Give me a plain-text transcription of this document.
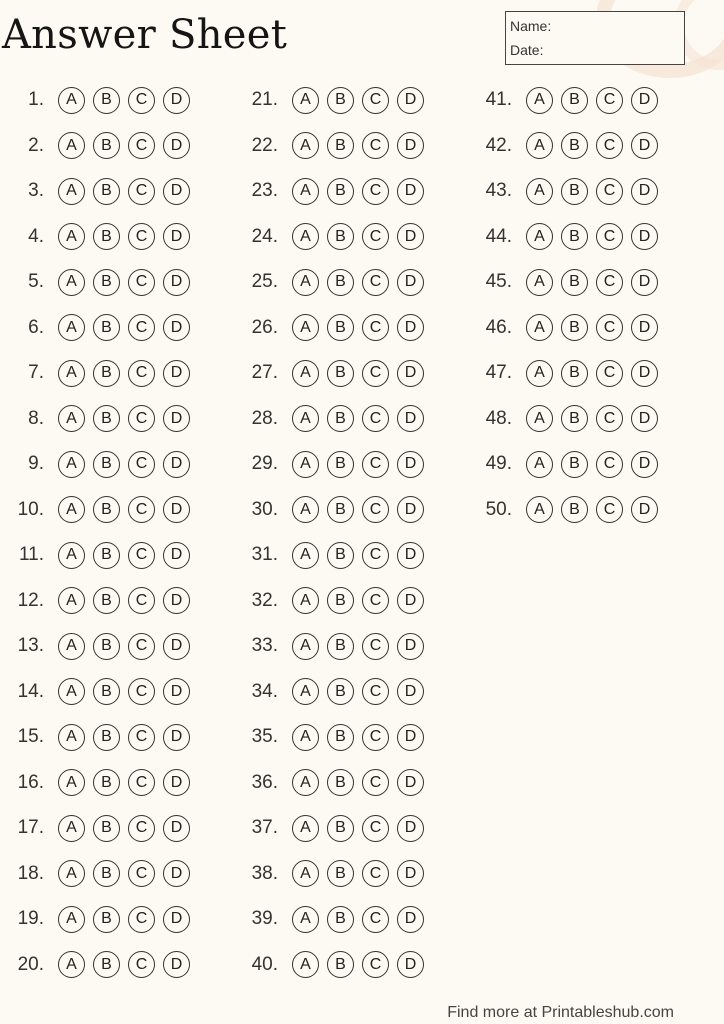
Answer Sheet	Name:
Date:
1.	A	B	C	D
2.	A	B	C	D
3.	A	B	C	D
4.	A	B	C	D
5.	A	B	C	D
6.	A	B	C	D
7.	A	B	C	D
8.	A	B	C	D
9.	A	B	C	D
10.	A	B	C	D
11.	A	B	C	D
12.	A	B	C	D
13.	A	B	C	D
14.	A	B	C	D
15.	A	B	C	D
16.	A	B	C	D
17.	A	B	C	D
18.	A	B	C	D
19.	A	B	C	D
20.	A	B	C	D
21.	A	B	C	D
22.	A	B	C	D
23.	A	B	C	D
24.	A	B	C	D
25.	A	B	C	D
26.	A	B	C	D
27.	A	B	C	D
28.	A	B	C	D
29.	A	B	C	D
30.	A	B	C	D
31.	A	B	C	D
32.	A	B	C	D
33.	A	B	C	D
34.	A	B	C	D
35.	A	B	C	D
36.	A	B	C	D
37.	A	B	C	D
38.	A	B	C	D
39.	A	B	C	D
40.	A	B	C	D
41.	A	B	C	D
42.	A	B	C	D
43.	A	B	C	D
44.	A	B	C	D
45.	A	B	C	D
46.	A	B	C	D
47.	A	B	C	D
48.	A	B	C	D
49.	A	B	C	D
50.	A	B	C	D
Find more at Printableshub.com
